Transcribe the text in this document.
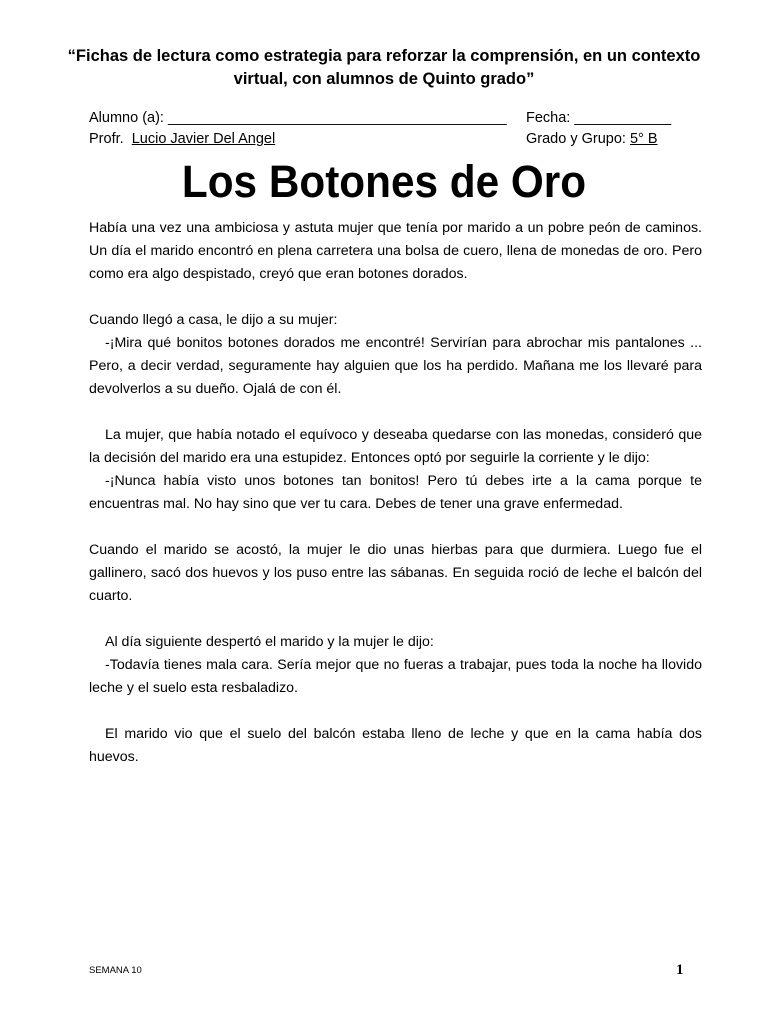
“Fichas de lectura como estrategia para reforzar la comprensión, en un contexto virtual, con alumnos de Quinto grado”
Alumno (a): __________________________________________ Fecha: ____________
Profr. Lucio Javier Del Angel	Grado y Grupo: 5° B
Los Botones de Oro

Había una vez una ambiciosa y astuta mujer que tenía por marido a un pobre peón de caminos. Un día el marido encontró en plena carretera una bolsa de cuero, llena de monedas de oro. Pero como era algo despistado, creyó que eran botones dorados.

Cuando llegó a casa, le dijo a su mujer:

-¡Mira qué bonitos botones dorados me encontré! Servirían para abrochar mis pantalones ... Pero, a decir verdad, seguramente hay alguien que los ha perdido. Mañana me los llevaré para devolverlos a su dueño. Ojalá de con él.

La mujer, que había notado el equívoco y deseaba quedarse con las monedas, consideró que la decisión del marido era una estupidez. Entonces optó por seguirle la corriente y le dijo:

-¡Nunca había visto unos botones tan bonitos! Pero tú debes irte a la cama porque te encuentras mal. No hay sino que ver tu cara. Debes de tener una grave enfermedad.

Cuando el marido se acostó, la mujer le dio unas hierbas para que durmiera. Luego fue el gallinero, sacó dos huevos y los puso entre las sábanas. En seguida roció de leche el balcón del cuarto.

Al día siguiente despertó el marido y la mujer le dijo:

-Todavía tienes mala cara. Sería mejor que no fueras a trabajar, pues toda la noche ha llovido leche y el suelo esta resbaladizo.

El marido vio que el suelo del balcón estaba lleno de leche y que en la cama había dos huevos.

SEMANA 10	1
